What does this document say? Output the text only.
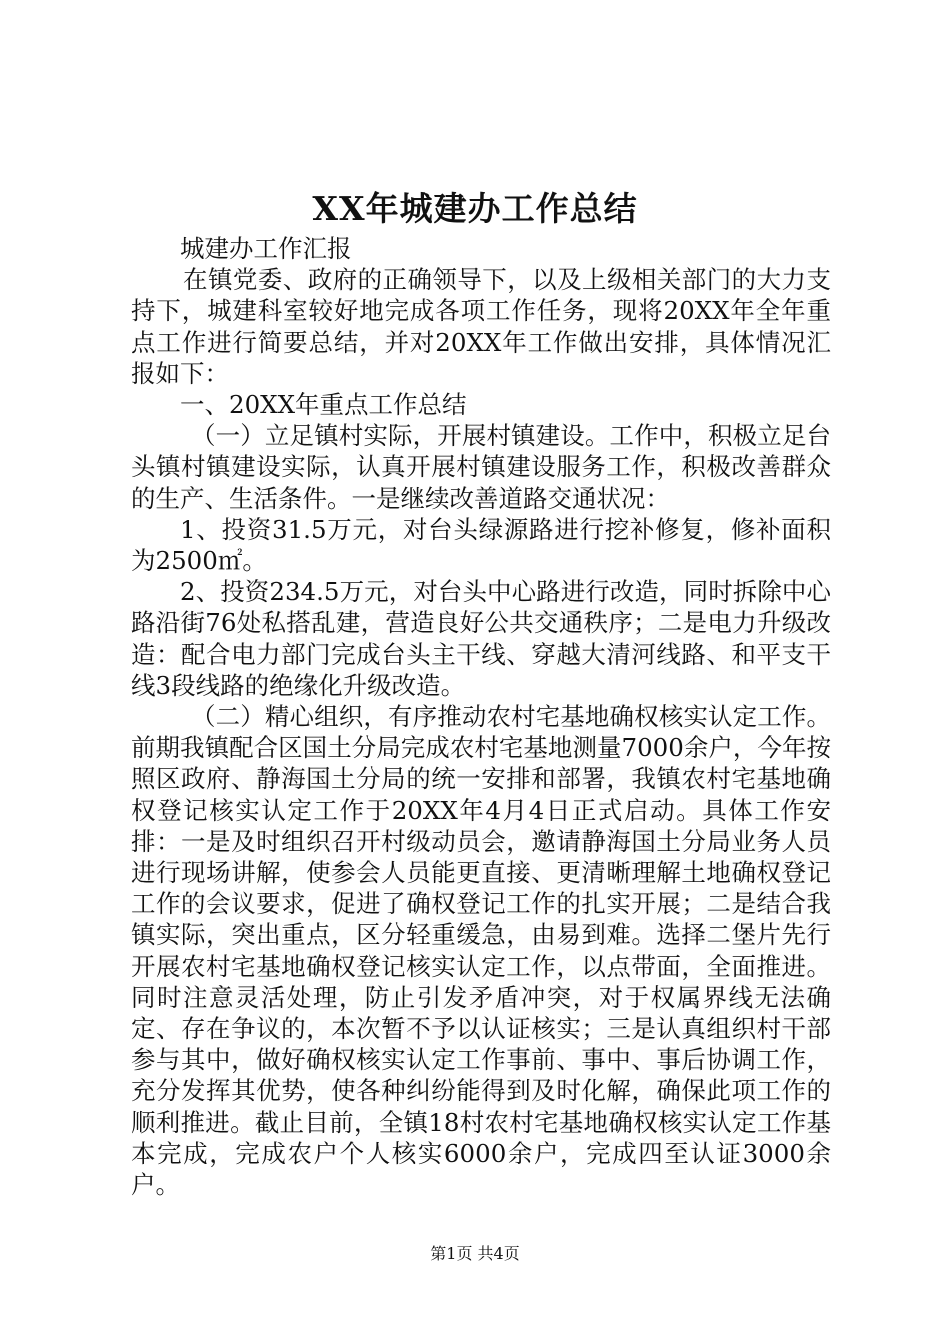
XX年城建办工作总结

城建办工作汇报

在镇党委、政府的正确领导下，以及上级相关部门的大力支持下，城建科室较好地完成各项工作任务，现将20XX年全年重点工作进行简要总结，并对20XX年工作做出安排，具体情况汇报如下：

一、20XX年重点工作总结

（一）立足镇村实际，开展村镇建设。工作中，积极立足台头镇村镇建设实际，认真开展村镇建设服务工作，积极改善群众的生产、生活条件。一是继续改善道路交通状况：

1、投资31.5万元，对台头绿源路进行挖补修复，修补面积为2500㎡。

2、投资234.5万元，对台头中心路进行改造，同时拆除中心路沿街76处私搭乱建，营造良好公共交通秩序；二是电力升级改造：配合电力部门完成台头主干线、穿越大清河线路、和平支干线3段线路的绝缘化升级改造。

（二）精心组织，有序推动农村宅基地确权核实认定工作。前期我镇配合区国土分局完成农村宅基地测量7000余户，今年按照区政府、静海国土分局的统一安排和部署，我镇农村宅基地确权登记核实认定工作于20XX年4月4日正式启动。具体工作安排：一是及时组织召开村级动员会，邀请静海国土分局业务人员进行现场讲解，使参会人员能更直接、更清晰理解土地确权登记工作的会议要求，促进了确权登记工作的扎实开展；二是结合我镇实际，突出重点，区分轻重缓急，由易到难。选择二堡片先行开展农村宅基地确权登记核实认定工作，以点带面，全面推进。同时注意灵活处理，防止引发矛盾冲突，对于权属界线无法确定、存在争议的，本次暂不予以认证核实；三是认真组织村干部参与其中，做好确权核实认定工作事前、事中、事后协调工作，充分发挥其优势，使各种纠纷能得到及时化解，确保此项工作的顺利推进。截止目前，全镇18村农村宅基地确权核实认定工作基本完成，完成农户个人核实6000余户，完成四至认证3000余户。

第1页 共4页
